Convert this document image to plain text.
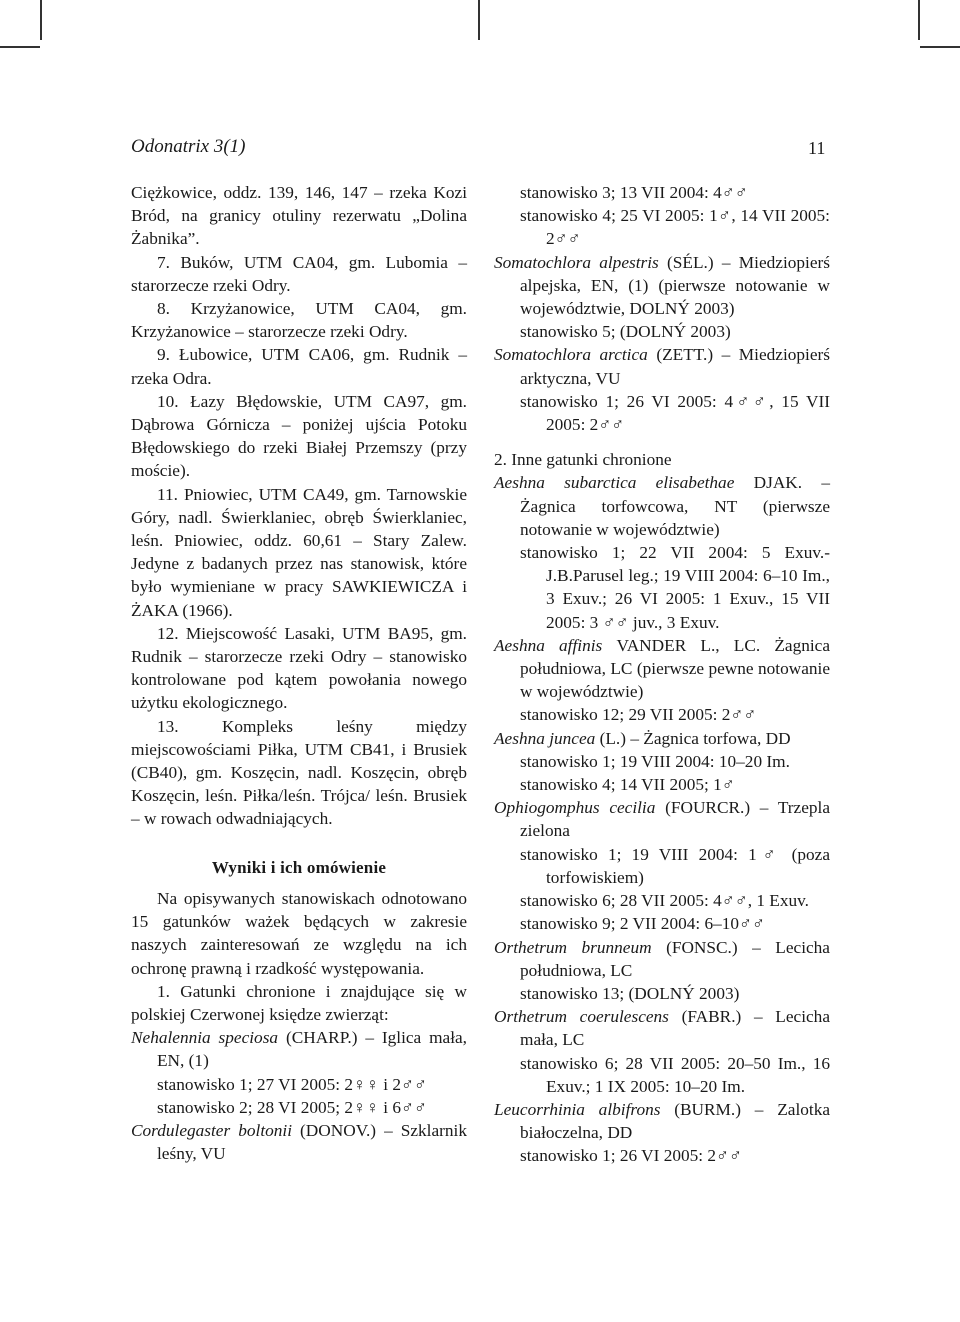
Odonatrix 3(1)	11

Ciężkowice, oddz. 139, 146, 147 – rzeka Kozi Bród, na granicy otuliny rezerwatu „Dolina Żabnika”.

7. Buków, UTM CA04, gm. Lubomia – starorzecze rzeki Odry.

8. Krzyżanowice, UTM CA04, gm. Krzyżanowice – starorzecze rzeki Odry.

9. Łubowice, UTM CA06, gm. Rudnik – rzeka Odra.

10. Łazy Błędowskie, UTM CA97, gm. Dąbrowa Górnicza – poniżej ujścia Potoku Błędowskiego do rzeki Białej Przemszy (przy moście).

11. Pniowiec, UTM CA49, gm. Tarnowskie Góry, nadl. Świerklaniec, obręb Świerklaniec, leśn. Pniowiec, oddz. 60,61 – Stary Zalew. Jedyne z badanych przez nas stanowisk, które było wymieniane w pracy SAWKIEWICZA i ŻAKA (1966).

12. Miejscowość Lasaki, UTM BA95, gm. Rudnik – starorzecze rzeki Odry – stanowisko kontrolowane pod kątem powołania nowego użytku ekologicznego.

13. Kompleks leśny między miejscowościami Piłka, UTM CB41, i Brusiek (CB40), gm. Koszęcin, nadl. Koszęcin, obręb Koszęcin, leśn. Piłka/leśn. Trójca/ leśn. Brusiek – w rowach odwadniających.

Wyniki i ich omówienie

Na opisywanych stanowiskach odnotowano 15 gatunków ważek będących w zakresie naszych zainteresowań ze względu na ich ochronę prawną i rzadkość występowania.

1. Gatunki chronione i znajdujące się w polskiej Czerwonej księdze zwierząt:

Nehalennia speciosa (CHARP.) – Iglica mała, EN, (1)

stanowisko 1; 27 VI 2005: 2♀♀ i 2♂♂

stanowisko 2; 28 VI 2005; 2♀♀ i 6♂♂

Cordulegaster boltonii (DONOV.) – Szklarnik leśny, VU

stanowisko 3; 13 VII 2004: 4♂♂

stanowisko 4; 25 VI 2005: 1♂, 14 VII 2005: 2♂♂

Somatochlora alpestris (SÉL.) – Miedziopierś alpejska, EN, (1) (pierwsze notowanie w województwie, DOLNÝ 2003)

stanowisko 5; (DOLNÝ 2003)

Somatochlora arctica (ZETT.) – Miedziopierś arktyczna, VU

stanowisko 1; 26 VI 2005: 4♂♂, 15 VII 2005: 2♂♂

2. Inne gatunki chronione

Aeshna subarctica elisabethae DJAK. – Żagnica torfowcowa, NT (pierwsze notowanie w województwie)

stanowisko 1; 22 VII 2004: 5 Exuv.- J.B.Parusel leg.; 19 VIII 2004: 6–10 Im., 3 Exuv.; 26 VI 2005: 1 Exuv., 15 VII 2005: 3 ♂♂ juv., 3 Exuv.

Aeshna affinis VANDER L., LC. Żagnica południowa, LC (pierwsze pewne notowanie w województwie)

stanowisko 12; 29 VII 2005: 2♂♂

Aeshna juncea (L.) – Żagnica torfowa, DD

stanowisko 1; 19 VIII 2004: 10–20 Im.

stanowisko 4; 14 VII 2005; 1♂

Ophiogomphus cecilia (FOURCR.) – Trzepla zielona

stanowisko 1; 19 VIII 2004: 1♂ (poza torfowiskiem)

stanowisko 6; 28 VII 2005: 4♂♂, 1 Exuv.

stanowisko 9; 2 VII 2004: 6–10♂♂

Orthetrum brunneum (FONSC.) – Lecicha południowa, LC

stanowisko 13; (DOLNÝ 2003)

Orthetrum coerulescens (FABR.) – Lecicha mała, LC

stanowisko 6; 28 VII 2005: 20–50 Im., 16 Exuv.; 1 IX 2005: 10–20 Im.

Leucorrhinia albifrons (BURM.) – Zalotka białoczelna, DD

stanowisko 1; 26 VI 2005: 2♂♂
